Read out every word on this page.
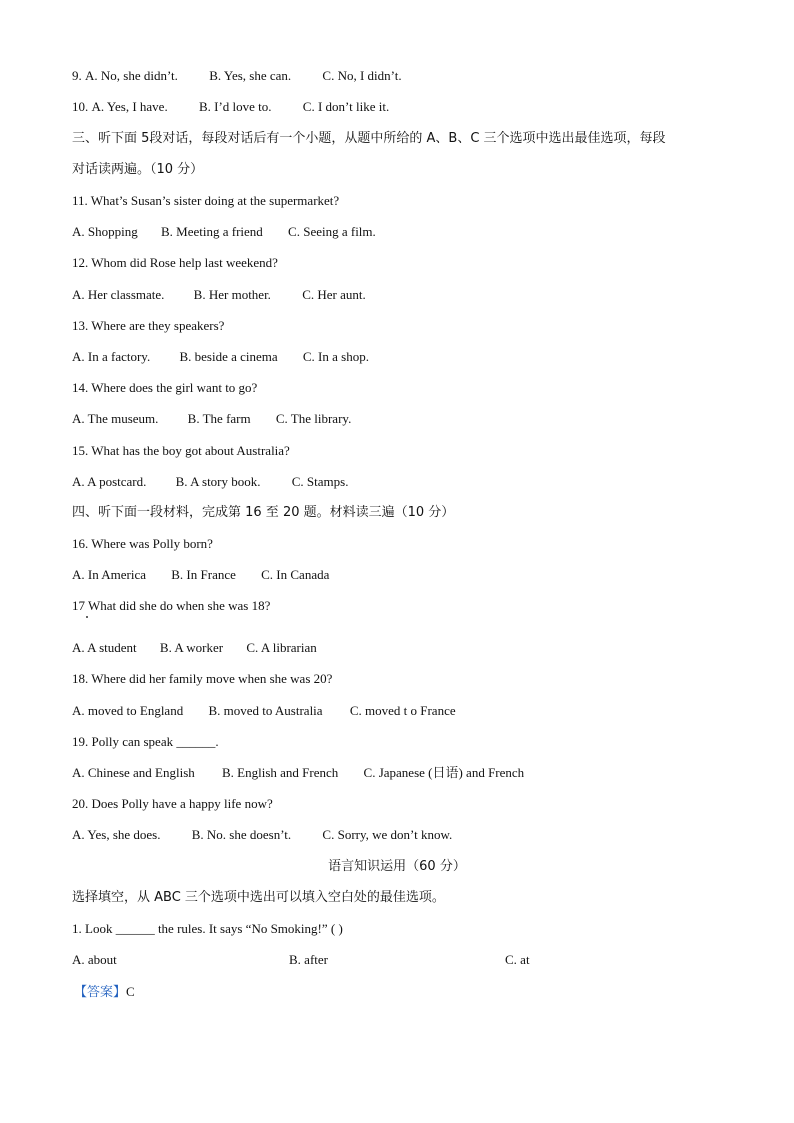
9. A. No, she didn’t. B. Yes, she can. C. No, I didn’t.
10. A. Yes, I have. B. I’d love to. C. I don’t like it.
三、听下面 5段对话，每段对话后有一个小题，从题中所给的 A、B、C 三个选项中选出最佳选项，每段
对话读两遍。（10 分）
11. What’s Susan’s sister doing at the supermarket?
A. Shopping B. Meeting a friend C. Seeing a film.
12. Whom did Rose help last weekend?
A. Her classmate. B. Her mother. C. Her aunt.
13. Where are they speakers?
A. In a factory. B. beside a cinema C. In a shop.
14. Where does the girl want to go?
A. The museum. B. The farm C. The library.
15. What has the boy got about Australia?
A. A postcard. B. A story book. C. Stamps.
四、听下面一段材料，完成第 16 至 20 题。材料读三遍（10 分）
16. Where was Polly born?
A. In America B. In France C. In Canada
17 What did she do when she was 18?
A. A student B. A worker C. A librarian
18. Where did her family move when she was 20?
A. moved to England B. moved to Australia C. moved t o France
19. Polly can speak ______.
A. Chinese and English B. English and French C. Japanese (日语) and French
20. Does Polly have a happy life now?
A. Yes, she does. B. No. she doesn’t. C. Sorry, we don’t know.
语言知识运用（60 分）
选择填空，从 ABC 三个选项中选出可以填入空白处的最佳选项。
1. Look ______ the rules. It says “No Smoking!” ( )
A. about	B. after	C. at
【答案】C
